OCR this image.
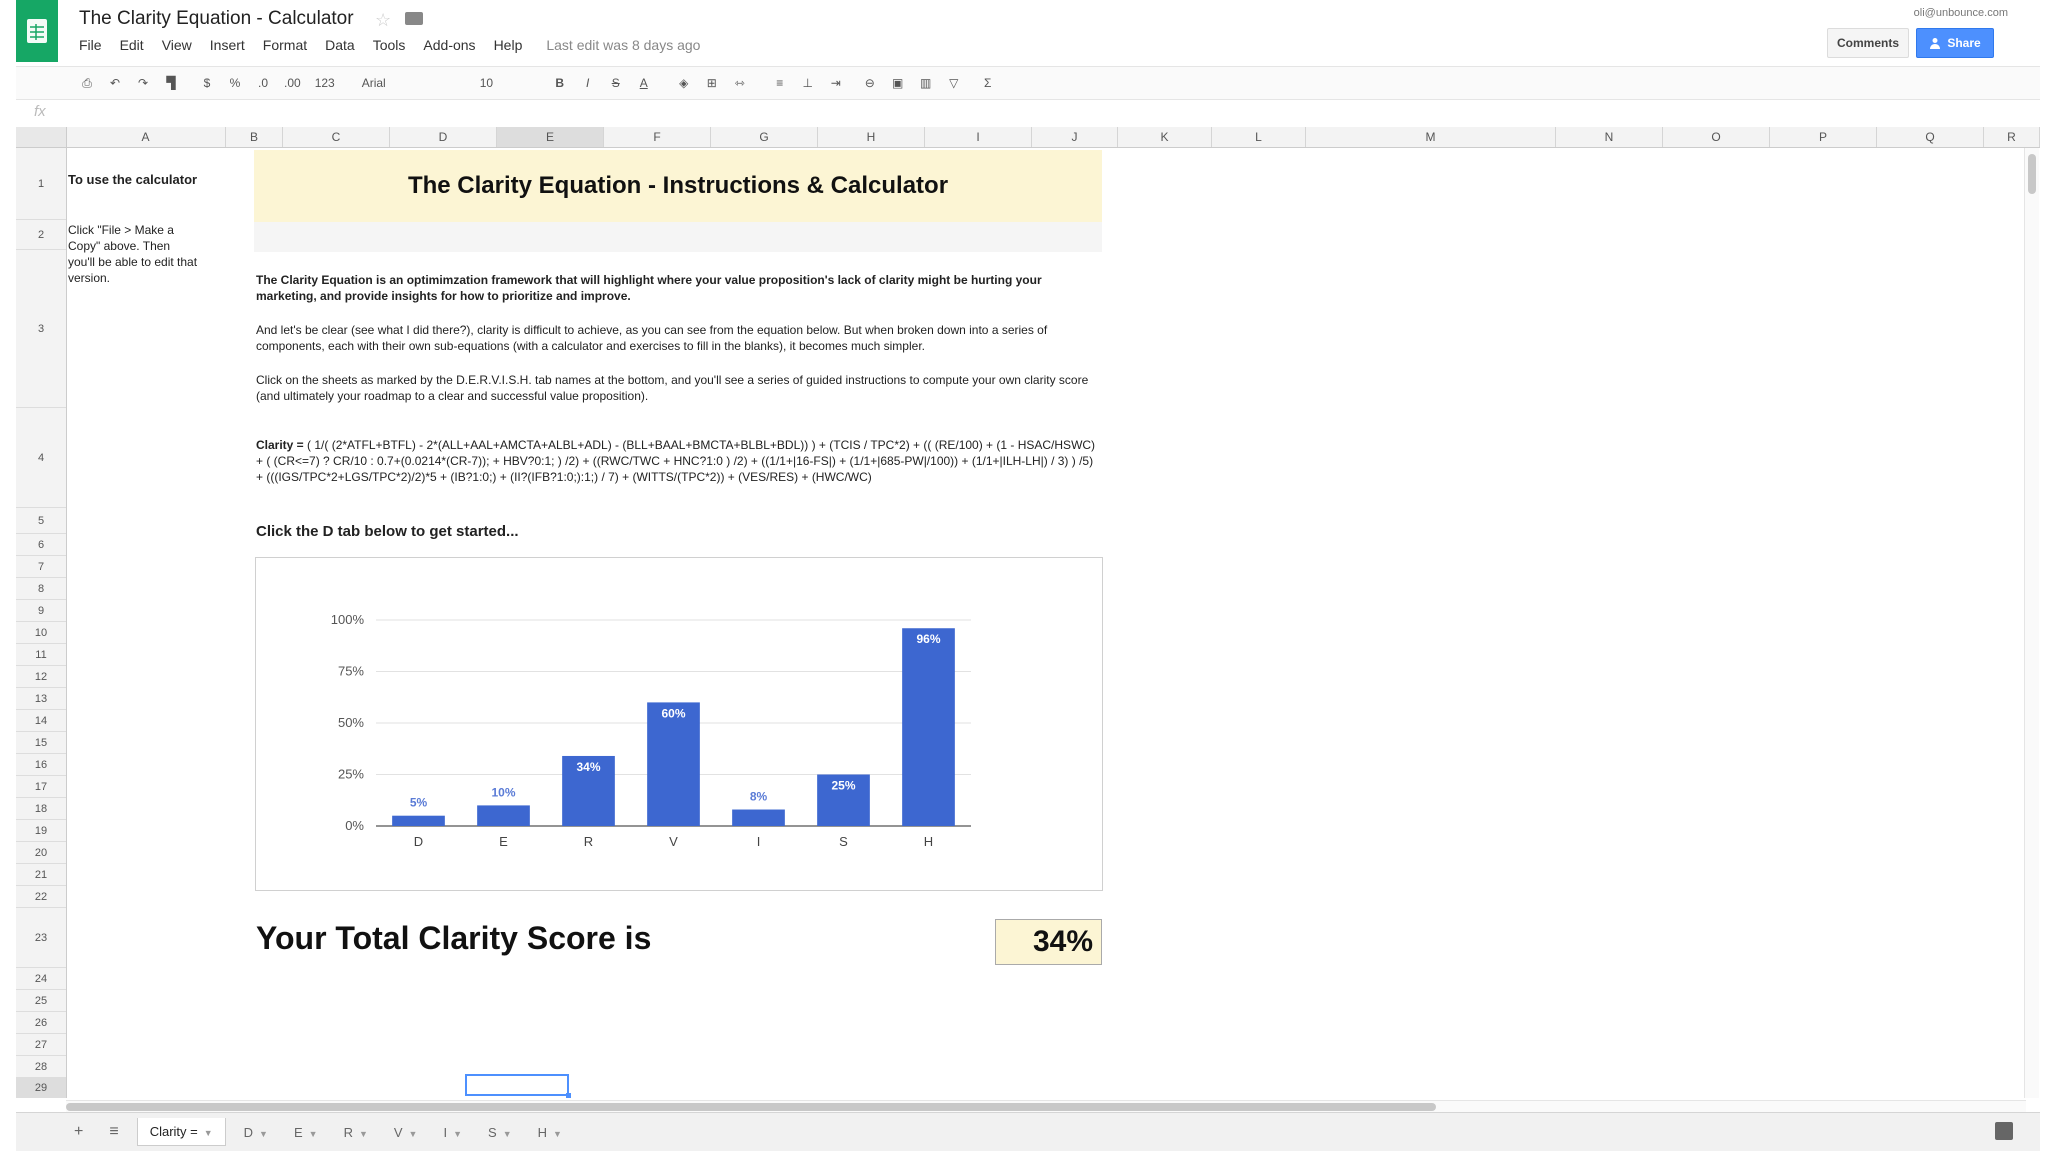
The Clarity Equation - Calculator ☆
File Edit View Insert Format Data Tools Add-ons Help Last edit was 8 days ago
oli@unbounce.com
Comments	Share
⎙ ↶ ↷ ▜	$	% .0 .00 123	Arial	10	B	I	S A	◈ ⊞ ⇿	≡ ⊥ ⇥ ⊖ ▣ ▥ ▽ Σ
fx
A	B	C	D	E	F	G	H	I	J	K	L	M	N	O	P	Q	R
1
2
3
4
5
6
7
8
9
10
11
12
13
14
15
16
17
18
19
20
21
22
23
24
25
26
27
28
29
The Clarity Equation - Instructions & Calculator
To use the calculator
Click "File > Make a Copy" above. Then you'll be able to edit that version.	The Clarity Equation is an optimimzation framework that will highlight where your value proposition's lack of clarity might be hurting your marketing, and provide insights for how to prioritize and improve.
And let's be clear (see what I did there?), clarity is difficult to achieve, as you can see from the equation below. But when broken down into a series of components, each with their own sub-equations (with a calculator and exercises to fill in the blanks), it becomes much simpler.
Click on the sheets as marked by the D.E.R.V.I.S.H. tab names at the bottom, and you'll see a series of guided instructions to compute your own clarity score (and ultimately your roadmap to a clear and successful value proposition).
Clarity = ( 1/( (2*ATFL+BTFL) - 2*(ALL+AAL+AMCTA+ALBL+ADL) - (BLL+BAAL+BMCTA+BLBL+BDL)) ) + (TCIS / TPC*2) + (( (RE/100) + (1 - HSAC/HSWC) + ( (CR<=7) ? CR/10 : 0.7+(0.0214*(CR-7)); + HBV?0:1; ) /2) + ((RWC/TWC + HNC?1:0 ) /2) + ((1/1+|16-FS|) + (1/1+|685-PW|/100)) + (1/1+|ILH-LH|) / 3) ) /5) + (((IGS/TPC*2+LGS/TPC*2)/2)*5 + (IB?1:0;) + (II?(IFB?1:0;):1;) / 7) + (WITTS/(TPC*2)) + (VES/RES) + (HWC/WC)
Click the D tab below to get started...
0%
25%
50%
75%
100%
5%
D
10%
E
34%
R
60%
V
8%
I
25%
S
96%
H
Your Total Clarity Score is	34%
+	≡	Clarity = ▼	D ▼	E ▼	R ▼	V ▼	I ▼	S ▼	H ▼
